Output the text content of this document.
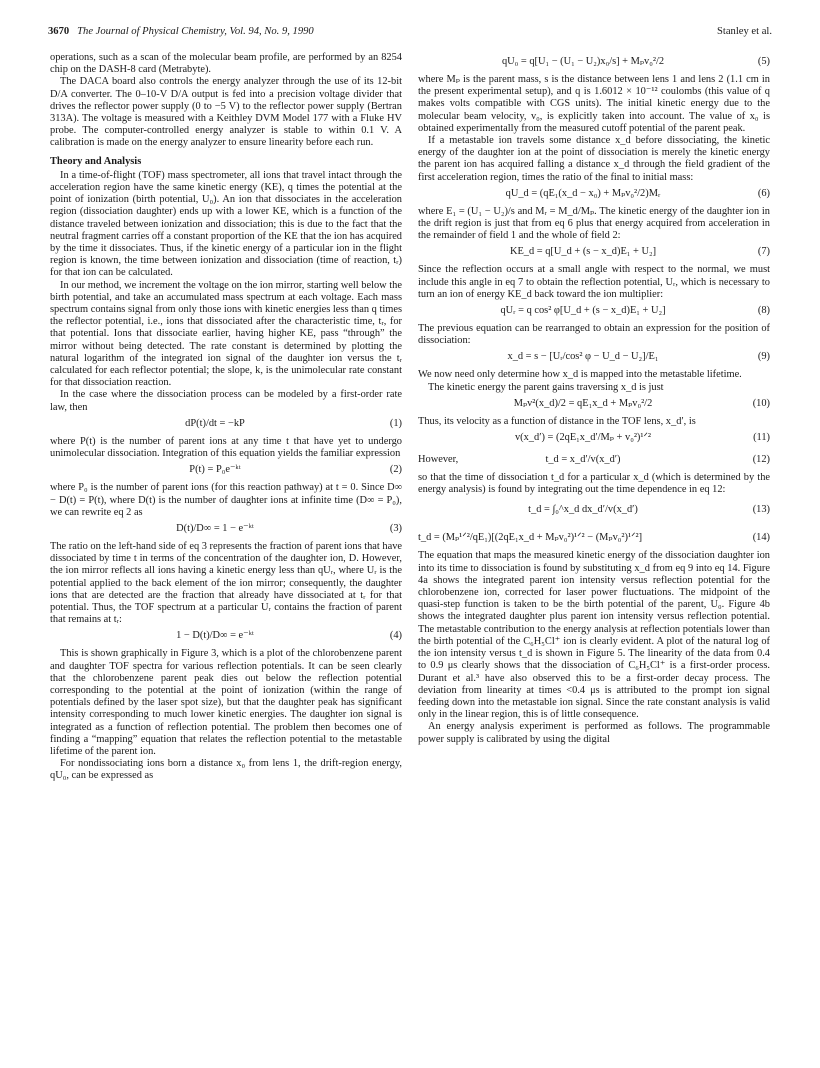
3670 The Journal of Physical Chemistry, Vol. 94, No. 9, 1990	Stanley et al.

operations, such as a scan of the molecular beam profile, are performed by an 8254 chip on the DASH-8 card (Metrabyte).

The DACA board also controls the energy analyzer through the use of its 12-bit D/A converter. The 0–10-V D/A output is fed into a precision voltage divider that drives the reflector power supply (0 to −5 V) to the reflector power supply (Bertran 313A). The voltage is measured with a Keithley DVM Model 177 with a Fluke HV probe. The computer-controlled energy analyzer is stable to within 0.1 V. A calibration is made on the energy analyzer to ensure linearity before each run.

Theory and Analysis

In a time-of-flight (TOF) mass spectrometer, all ions that travel intact through the acceleration region have the same kinetic energy (KE), q times the potential at the point of ionization (birth potential, U₀). An ion that dissociates in the acceleration region (dissociation daughter) ends up with a lower KE, which is a function of the distance traveled between ionization and dissociation; this is due to the fact that the neutral fragment carries off a constant proportion of the KE that the ion has acquired by the time it dissociates. Thus, if the kinetic energy of a particular ion in the flight region is known, the time between ionization and dissociation (time of reaction, tᵣ) for that ion can be calculated.

In our method, we increment the voltage on the ion mirror, starting well below the birth potential, and take an accumulated mass spectrum at each voltage. Each mass spectrum contains signal from only those ions with kinetic energies less than q times the reflector potential, i.e., ions that dissociated after the characteristic time, tᵣ, for that potential. Ions that dissociate earlier, having higher KE, pass “through” the mirror without being detected. The rate constant is determined by plotting the natural logarithm of the integrated ion signal of the daughter ion versus the tᵣ calculated for each reflector potential; the slope, k, is the unimolecular rate constant for that dissociation reaction.

In the case where the dissociation process can be modeled by a first-order rate law, then

dP(t)/dt = −kP	(1)

where P(t) is the number of parent ions at any time t that have yet to undergo unimolecular dissociation. Integration of this equation yields the familiar expression

P(t) = P₀e⁻ᵏᵗ	(2)

where P₀ is the number of parent ions (for this reaction pathway) at t = 0. Since D∞ − D(t) = P(t), where D(t) is the number of daughter ions at infinite time (D∞ = P₀), we can rewrite eq 2 as

D(t)/D∞ = 1 − e⁻ᵏᵗ	(3)

The ratio on the left-hand side of eq 3 represents the fraction of parent ions that have dissociated by time t in terms of the concentration of the daughter ion, D. However, the ion mirror reflects all ions having a kinetic energy less than qUᵣ, where Uᵣ is the potential applied to the back element of the ion mirror; consequently, the daughter ions that are detected are the fraction that already have dissociated at tᵣ for that potential. Thus, the TOF spectrum at a particular Uᵣ contains the fraction of parent that remains at tᵣ:

1 − D(t)/D∞ = e⁻ᵏᵗ	(4)

This is shown graphically in Figure 3, which is a plot of the chlorobenzene parent and daughter TOF spectra for various reflection potentials. It can be seen clearly that the chlorobenzene parent peak dies out below the reflection potential corresponding to the potential at the point of ionization (within the range of potentials defined by the laser spot size), but that the daughter peak has significant intensity corresponding to much lower kinetic energies. The daughter ion signal is integrated as a function of reflection potential. The problem then becomes one of finding a “mapping” equation that relates the reflection potential to the metastable lifetime of the parent ion.

For nondissociating ions born a distance x₀ from lens 1, the drift-region energy, qU₀, can be expressed as

qU₀ = q[U₁ − (U₁ − U₂)x₀/s] + Mₚv₀²/2	(5)

where Mₚ is the parent mass, s is the distance between lens 1 and lens 2 (1.1 cm in the present experimental setup), and q is 1.6012 × 10⁻¹² coulombs (this value of q makes volts compatible with CGS units). The initial kinetic energy due to the molecular beam velocity, v₀, is explicitly taken into account. The value of x₀ is obtained experimentally from the measured cutoff potential of the parent peak.

If a metastable ion travels some distance x_d before dissociating, the kinetic energy of the daughter ion at the point of dissociation is merely the kinetic energy the parent ion has acquired falling a distance x_d through the field gradient of the first acceleration region, times the ratio of the final to initial mass:

qU_d = (qE₁(x_d − x₀) + Mₚv₀²/2)Mᵣ	(6)

where E₁ = (U₁ − U₂)/s and Mᵣ = M_d/Mₚ. The kinetic energy of the daughter ion in the drift region is just that from eq 6 plus that energy acquired from acceleration in the remainder of field 1 and the whole of field 2:

KE_d = q[U_d + (s − x_d)E₁ + U₂]	(7)

Since the reflection occurs at a small angle with respect to the normal, we must include this angle in eq 7 to obtain the reflection potential, Uᵣ, which is necessary to turn an ion of energy KE_d back toward the ion multiplier:

qUᵣ = q cos² φ[U_d + (s − x_d)E₁ + U₂]	(8)

The previous equation can be rearranged to obtain an expression for the position of dissociation:

x_d = s − [Uᵣ/cos² φ − U_d − U₂]/E₁	(9)

We now need only determine how x_d is mapped into the metastable lifetime.

The kinetic energy the parent gains traversing x_d is just

Mₚv²(x_d)/2 = qE₁x_d + Mₚv₀²/2	(10)

Thus, its velocity as a function of distance in the TOF lens, x_d′, is

v(x_d′) = (2qE₁x_d′/Mₚ + v₀²)¹ᐟ²	(11)
However,	t_d = x_d′/v(x_d′)	(12)

so that the time of dissociation t_d for a particular x_d (which is determined by the energy analysis) is found by integrating out the time dependence in eq 12:

t_d = ∫₀^x_d dx_d′/v(x_d′)	(13)
t_d = (Mₚ¹ᐟ²/qE₁)[(2qE₁x_d + Mₚv₀²)¹ᐟ² − (Mₚv₀²)¹ᐟ²]	(14)

The equation that maps the measured kinetic energy of the dissociation daughter ion into its time to dissociation is found by substituting x_d from eq 9 into eq 14. Figure 4a shows the integrated parent ion intensity versus reflection potential for the chlorobenzene ion, corrected for laser power fluctuations. The midpoint of the quasi-step function is taken to be the birth potential of the parent, U₀. Figure 4b shows the integrated daughter plus parent ion intensity versus reflection potential. The metastable contribution to the energy analysis at reflection potentials lower than the birth potential of the C₆H₅Cl⁺ ion is clearly evident. A plot of the natural log of the ion intensity versus t_d is shown in Figure 5. The linearity of the data from 0.4 to 0.9 μs clearly shows that the dissociation of C₆H₅Cl⁺ is a first-order process. Durant et al.³ have also observed this to be a first-order decay process. The deviation from linearity at times <0.4 μs is attributed to the prompt ion signal feeding down into the metastable ion signal. Since the rate constant analysis is valid only in the linear region, this is of little consequence.

An energy analysis experiment is performed as follows. The programmable power supply is calibrated by using the digital
